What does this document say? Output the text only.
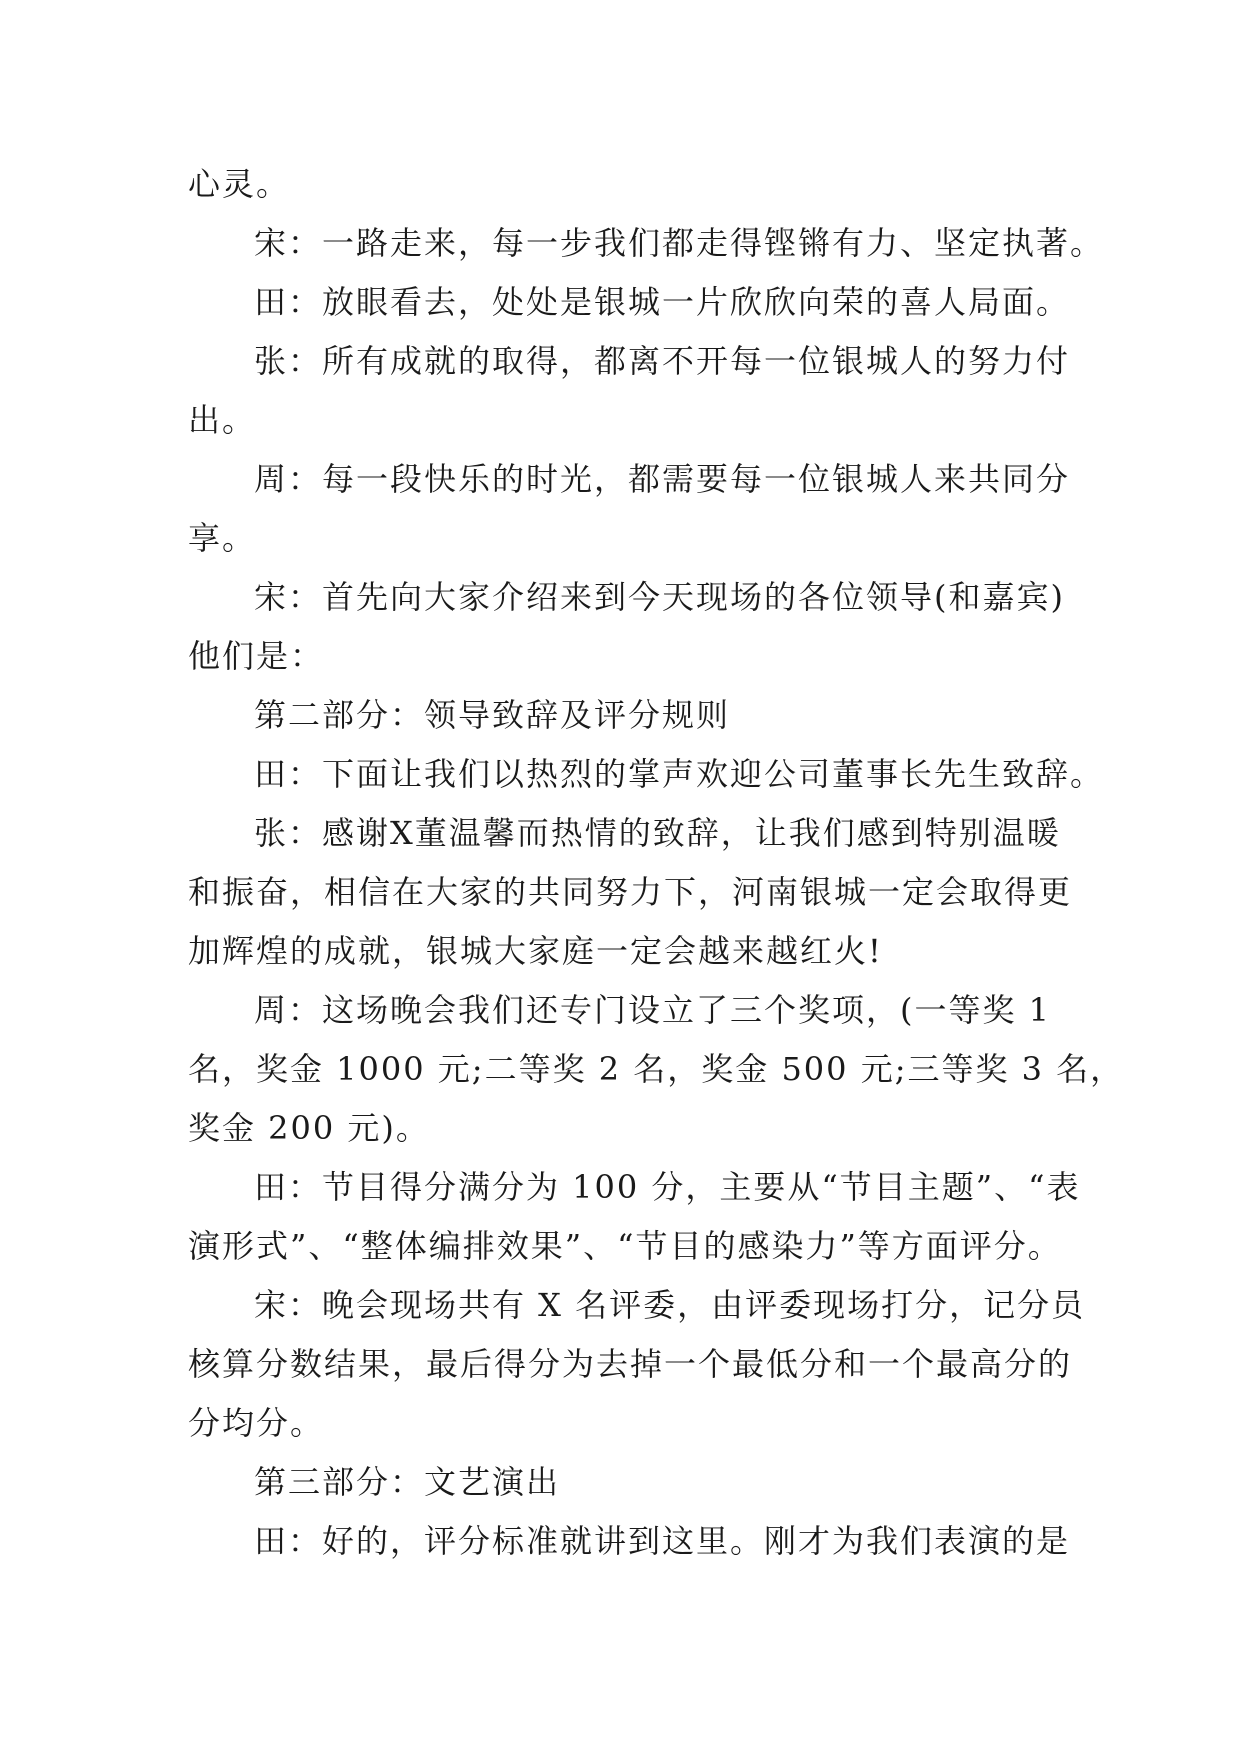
心灵。
宋：一路走来，每一步我们都走得铿锵有力、坚定执著。
田：放眼看去，处处是银城一片欣欣向荣的喜人局面。
张：所有成就的取得，都离不开每一位银城人的努力付
出。
周：每一段快乐的时光，都需要每一位银城人来共同分
享。
宋：首先向大家介绍来到今天现场的各位领导(和嘉宾)
他们是：
第二部分：领导致辞及评分规则
田：下面让我们以热烈的掌声欢迎公司董事长先生致辞。
张：感谢X董温馨而热情的致辞，让我们感到特别温暖
和振奋，相信在大家的共同努力下，河南银城一定会取得更
加辉煌的成就，银城大家庭一定会越来越红火!
周：这场晚会我们还专门设立了三个奖项，(一等奖 1
名，奖金 1000 元;二等奖 2 名，奖金 500 元;三等奖 3 名，
奖金 200 元)。
田：节目得分满分为 100 分，主要从“节目主题”、“表
演形式”、“整体编排效果”、“节目的感染力”等方面评分。
宋：晚会现场共有 X 名评委，由评委现场打分，记分员
核算分数结果，最后得分为去掉一个最低分和一个最高分的
分均分。
第三部分：文艺演出
田：好的，评分标准就讲到这里。刚才为我们表演的是
